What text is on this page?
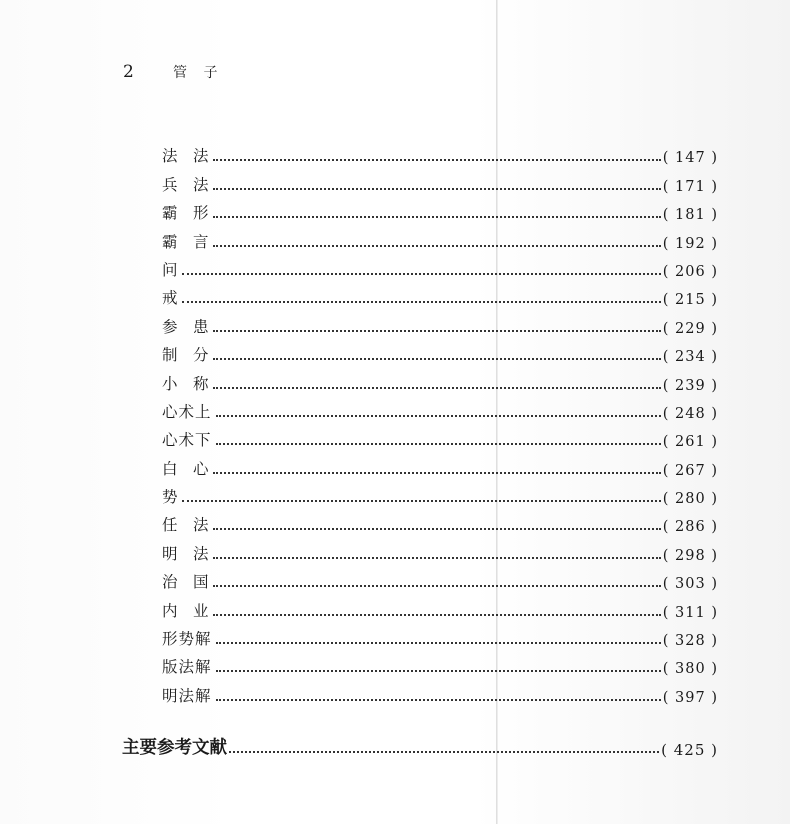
2	管 子
法　法	( 147 )
兵　法	( 171 )
霸　形	( 181 )
霸　言	( 192 )
问	( 206 )
戒	( 215 )
参　患	( 229 )
制　分	( 234 )
小　称	( 239 )
心术上	( 248 )
心术下	( 261 )
白　心	( 267 )
势	( 280 )
任　法	( 286 )
明　法	( 298 )
治　国	( 303 )
内　业	( 311 )
形势解	( 328 )
版法解	( 380 )
明法解	( 397 )
主要参考文献	( 425 )
